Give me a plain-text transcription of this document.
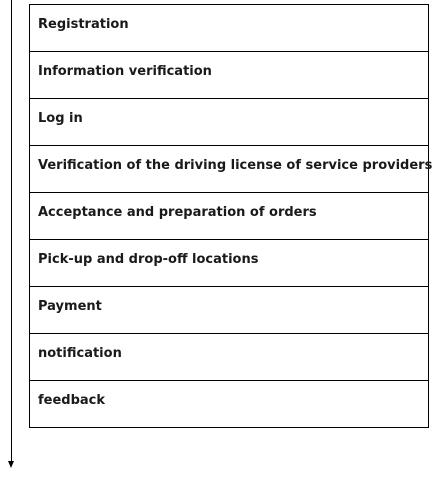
Registration
Information verification
Log in
Verification of the driving license of service providers
Acceptance and preparation of orders
Pick-up and drop-off locations
Payment
notification
feedback
